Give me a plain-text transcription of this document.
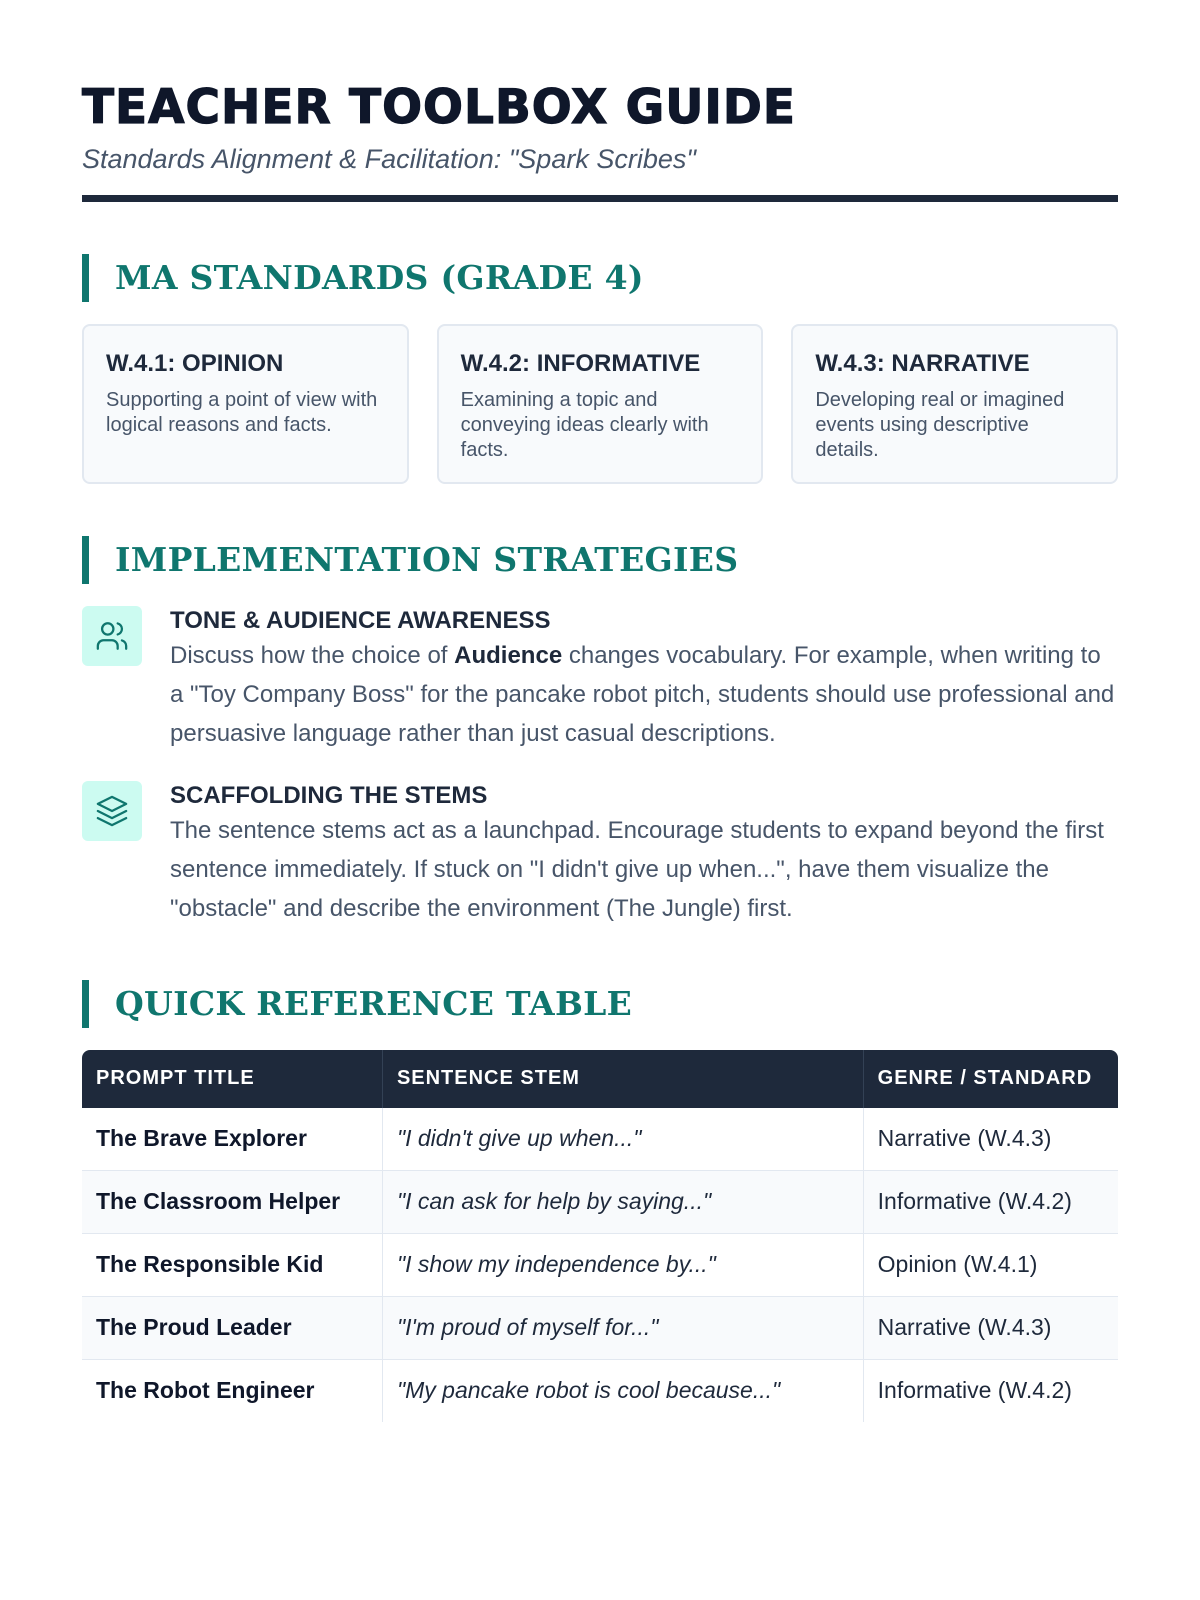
TEACHER TOOLBOX GUIDE
Standards Alignment & Facilitation: "Spark Scribes"
MA STANDARDS (GRADE 4)
W.4.1: OPINION
Supporting a point of view with logical reasons and facts.
W.4.2: INFORMATIVE
Examining a topic and conveying ideas clearly with facts.
W.4.3: NARRATIVE
Developing real or imagined events using descriptive details.
IMPLEMENTATION STRATEGIES
TONE & AUDIENCE AWARENESS
Discuss how the choice of Audience changes vocabulary. For example, when writing to a "Toy Company Boss" for the pancake robot pitch, students should use professional and persuasive language rather than just casual descriptions.
SCAFFOLDING THE STEMS
The sentence stems act as a launchpad. Encourage students to expand beyond the first sentence immediately. If stuck on "I didn't give up when...", have them visualize the "obstacle" and describe the environment (The Jungle) first.
QUICK REFERENCE TABLE
PROMPT TITLE	SENTENCE STEM	GENRE / STANDARD
The Brave Explorer	"I didn't give up when..."	Narrative (W.4.3)
The Classroom Helper	"I can ask for help by saying..."	Informative (W.4.2)
The Responsible Kid	"I show my independence by..."	Opinion (W.4.1)
The Proud Leader	"I'm proud of myself for..."	Narrative (W.4.3)
The Robot Engineer	"My pancake robot is cool because..."	Informative (W.4.2)
